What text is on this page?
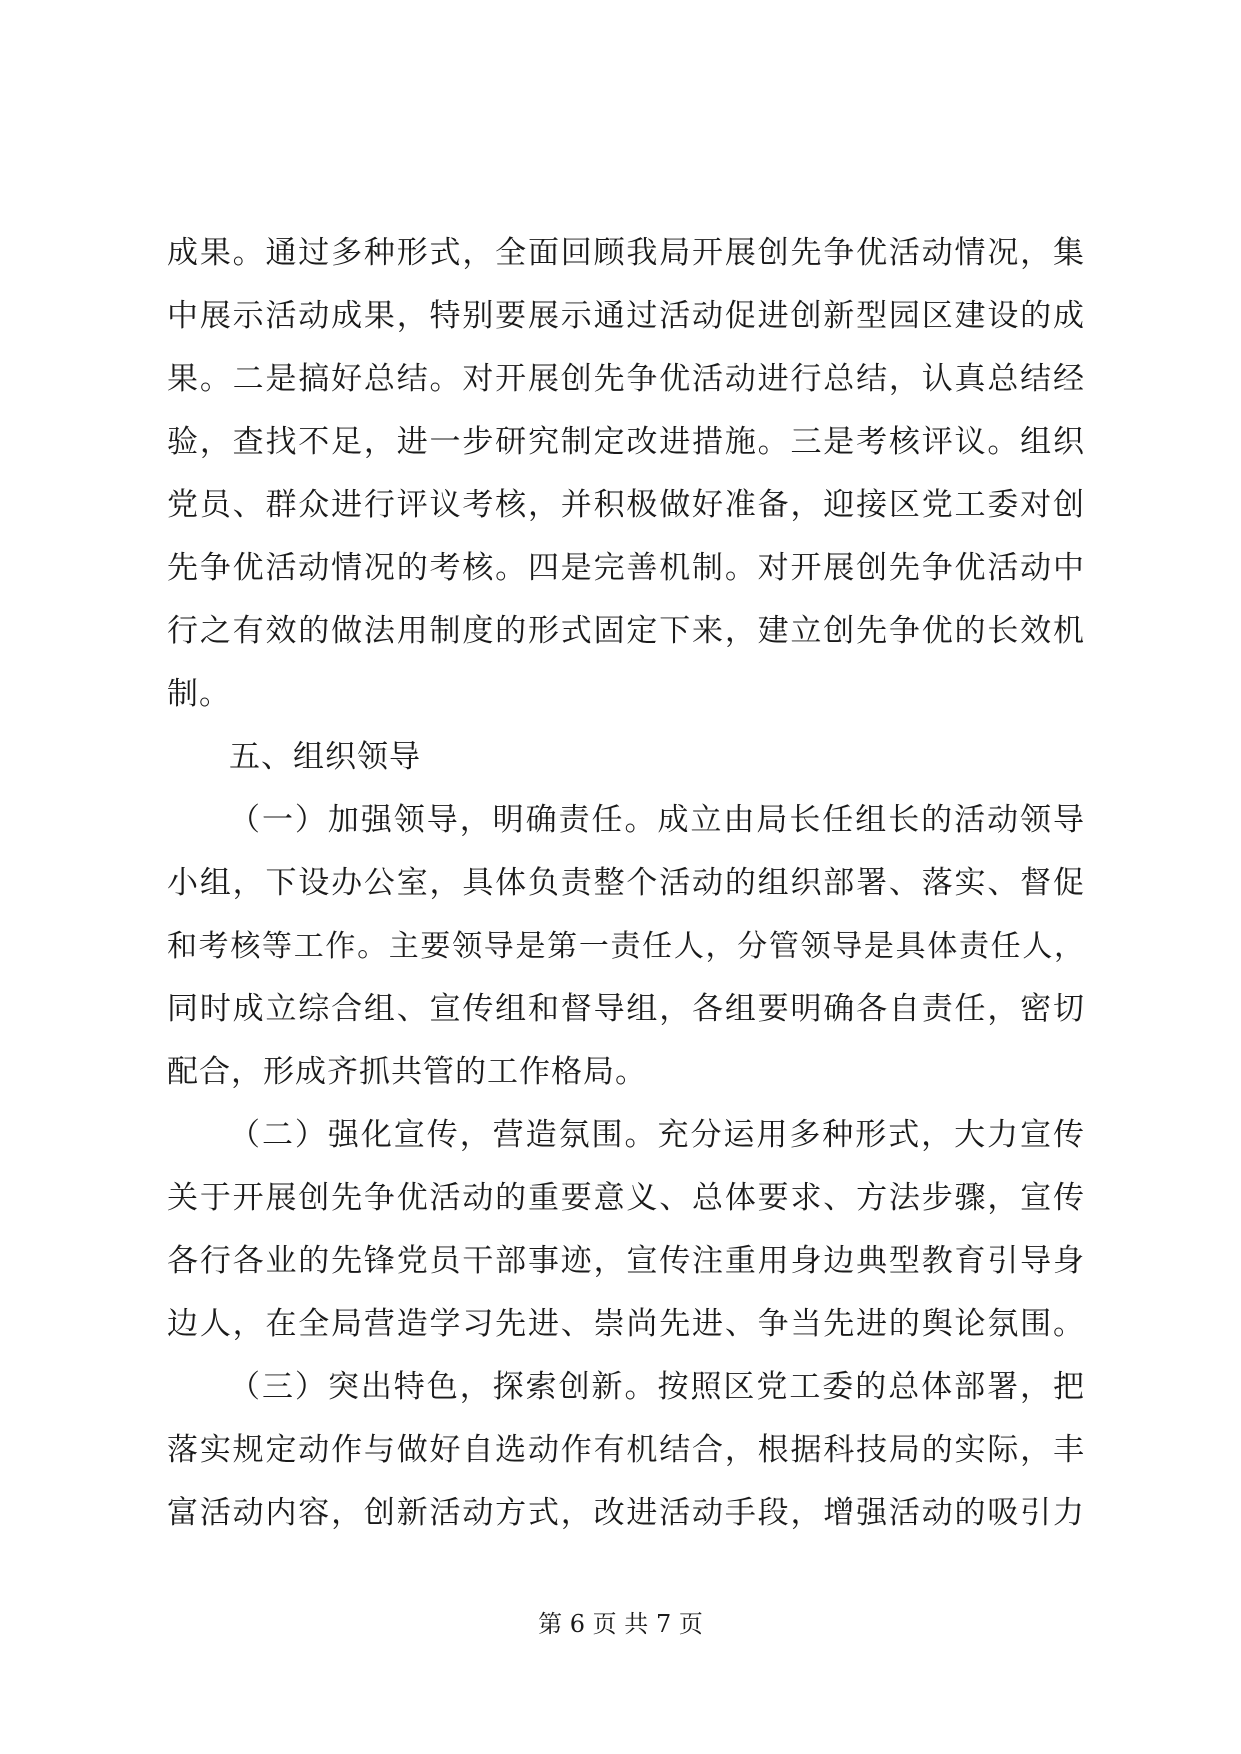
成果。通过多种形式，全面回顾我局开展创先争优活动情况，集
中展示活动成果，特别要展示通过活动促进创新型园区建设的成
果。二是搞好总结。对开展创先争优活动进行总结，认真总结经
验，查找不足，进一步研究制定改进措施。三是考核评议。组织
党员、群众进行评议考核，并积极做好准备，迎接区党工委对创
先争优活动情况的考核。四是完善机制。对开展创先争优活动中
行之有效的做法用制度的形式固定下来，建立创先争优的长效机
制。
五、组织领导
（一）加强领导，明确责任。成立由局长任组长的活动领导
小组，下设办公室，具体负责整个活动的组织部署、落实、督促
和考核等工作。主要领导是第一责任人，分管领导是具体责任人，
同时成立综合组、宣传组和督导组，各组要明确各自责任，密切
配合，形成齐抓共管的工作格局。
（二）强化宣传，营造氛围。充分运用多种形式，大力宣传
关于开展创先争优活动的重要意义、总体要求、方法步骤，宣传
各行各业的先锋党员干部事迹，宣传注重用身边典型教育引导身
边人，在全局营造学习先进、崇尚先进、争当先进的舆论氛围。
（三）突出特色，探索创新。按照区党工委的总体部署，把
落实规定动作与做好自选动作有机结合，根据科技局的实际，丰
富活动内容，创新活动方式，改进活动手段，增强活动的吸引力
第 6 页 共 7 页
